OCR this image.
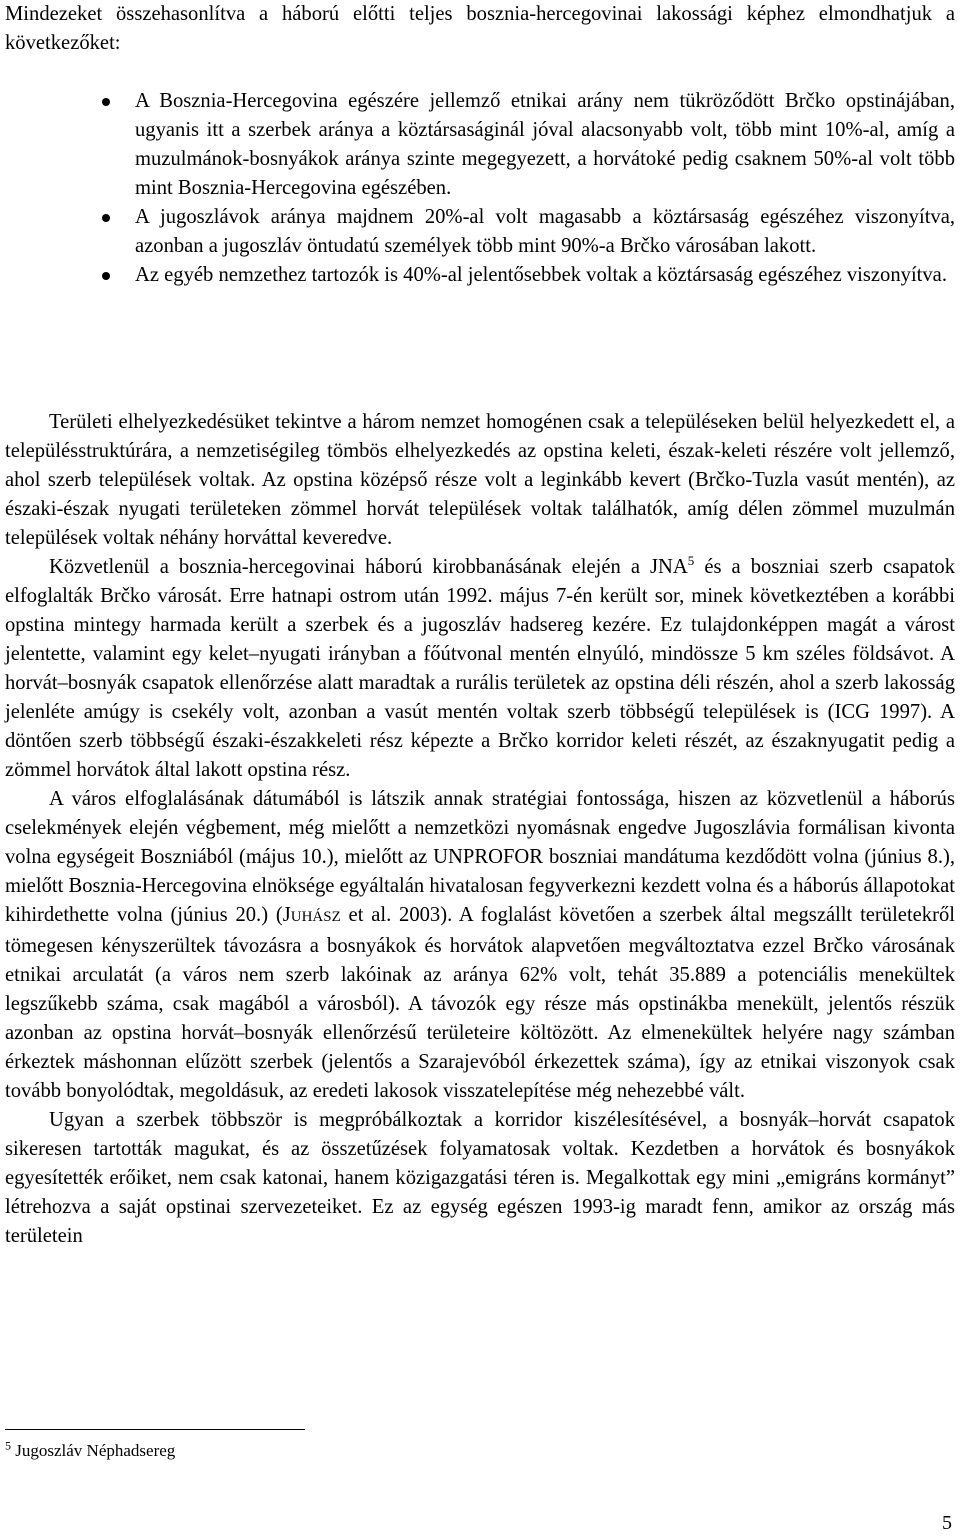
Mindezeket összehasonlítva a háború előtti teljes bosznia-hercegovinai lakossági képhez elmondhatjuk a következőket:

A Bosznia-Hercegovina egészére jellemző etnikai arány nem tükröződött Brčko opstinájában, ugyanis itt a szerbek aránya a köztársaságinál jóval alacsonyabb volt, több mint 10%-al, amíg a muzulmánok-bosnyákok aránya szinte megegyezett, a horvátoké pedig csaknem 50%-al volt több mint Bosznia-Hercegovina egészében.
A jugoszlávok aránya majdnem 20%-al volt magasabb a köztársaság egészéhez viszonyítva, azonban a jugoszláv öntudatú személyek több mint 90%-a Brčko városában lakott.
Az egyéb nemzethez tartozók is 40%-al jelentősebbek voltak a köztársaság egészéhez viszonyítva.

Területi elhelyezkedésüket tekintve a három nemzet homogénen csak a településeken belül helyezkedett el, a településstruktúrára, a nemzetiségileg tömbös elhelyezkedés az opstina keleti, észak-keleti részére volt jellemző, ahol szerb települések voltak. Az opstina középső része volt a leginkább kevert (Brčko-Tuzla vasút mentén), az északi-észak nyugati területeken zömmel horvát települések voltak találhatók, amíg délen zömmel muzulmán települések voltak néhány horváttal keveredve.

Közvetlenül a bosznia-hercegovinai háború kirobbanásának elején a JNA$^5$ és a boszniai szerb csapatok elfoglalták Brčko városát. Erre hatnapi ostrom után 1992. május 7-én került sor, minek következtében a korábbi opstina mintegy harmada került a szerbek és a jugoszláv hadsereg kezére. Ez tulajdonképpen magát a várost jelentette, valamint egy kelet–nyugati irányban a főútvonal mentén elnyúló, mindössze 5 km széles földsávot. A horvát–bosnyák csapatok ellenőrzése alatt maradtak a rurális területek az opstina déli részén, ahol a szerb lakosság jelenléte amúgy is csekély volt, azonban a vasút mentén voltak szerb többségű települések is (ICG 1997). A döntően szerb többségű északi-északkeleti rész képezte a Brčko korridor keleti részét, az északnyugatit pedig a zömmel horvátok által lakott opstina rész.

A város elfoglalásának dátumából is látszik annak stratégiai fontossága, hiszen az közvetlenül a háborús cselekmények elején végbement, még mielőtt a nemzetközi nyomásnak engedve Jugoszlávia formálisan kivonta volna egységeit Boszniából (május 10.), mielőtt az UNPROFOR boszniai mandátuma kezdődött volna (június 8.), mielőtt Bosznia-Hercegovina elnöksége egyáltalán hivatalosan fegyverkezni kezdett volna és a háborús állapotokat kihirdethette volna (június 20.) (JUHÁSZ et al. 2003). A foglalást követően a szerbek által megszállt területekről tömegesen kényszerültek távozásra a bosnyákok és horvátok alapvetően megváltoztatva ezzel Brčko városának etnikai arculatát (a város nem szerb lakóinak az aránya 62% volt, tehát 35.889 a potenciális menekültek legszűkebb száma, csak magából a városból). A távozók egy része más opstinákba menekült, jelentős részük azonban az opstina horvát–bosnyák ellenőrzésű területeire költözött. Az elmenekültek helyére nagy számban érkeztek máshonnan elűzött szerbek (jelentős a Szarajevóból érkezettek száma), így az etnikai viszonyok csak tovább bonyolódtak, megoldásuk, az eredeti lakosok visszatelepítése még nehezebbé vált.

Ugyan a szerbek többször is megpróbálkoztak a korridor kiszélesítésével, a bosnyák–horvát csapatok sikeresen tartották magukat, és az összetűzések folyamatosak voltak. Kezdetben a horvátok és bosnyákok egyesítették erőiket, nem csak katonai, hanem közigazgatási téren is. Megalkottak egy mini „emigráns kormányt” létrehozva a saját opstinai szervezeteiket. Ez az egység egészen 1993-ig maradt fenn, amikor az ország más területein

$^5$ Jugoszláv Néphadsereg

5
